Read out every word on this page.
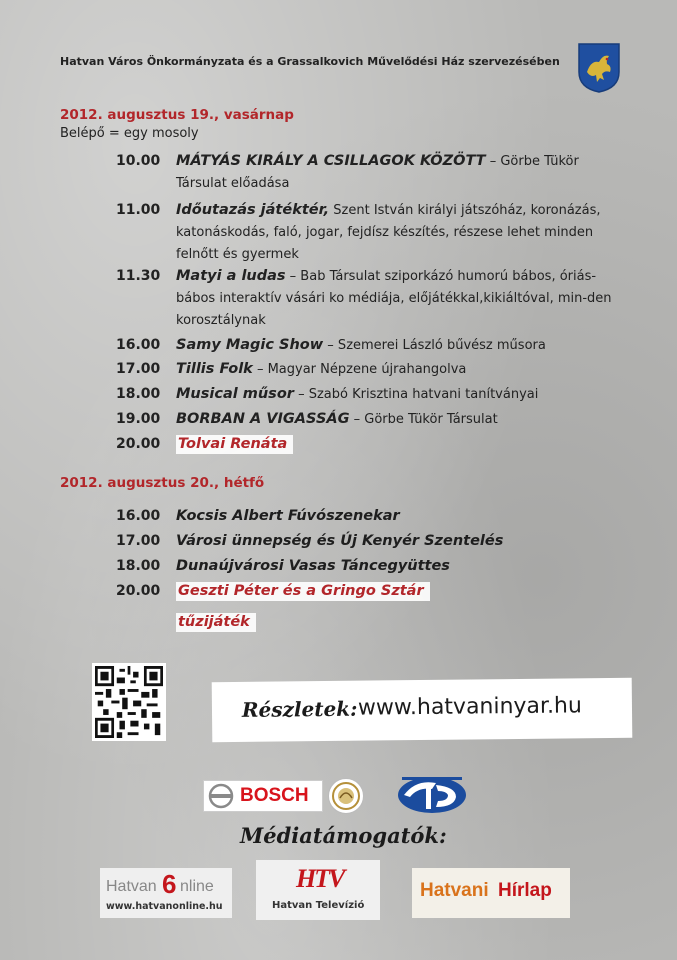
Hatvan Város Önkormányzata és a Grassalkovich Művelődési Ház szervezésében
2012. augusztus 19., vasárnap
Belépő = egy mosoly
10.00	MÁTYÁS KIRÁLY A CSILLAGOK KÖZÖTT – Görbe Tükör Társulat előadása
11.00	Időutazás játéktér, Szent István királyi játszóház, koronázás, katonáskodás, faló, jogar, fejdísz készítés, részese lehet minden felnőtt és gyermek
11.30	Matyi a ludas – Bab Társulat sziporkázó humorú bábos, óriás-bábos interaktív vásári ko médiája, előjátékkal,kikiáltóval, min-den korosztálynak
16.00	Samy Magic Show – Szemerei László bűvész műsora
17.00	Tillis Folk – Magyar Népzene újrahangolva
18.00	Musical műsor – Szabó Krisztina hatvani tanítványai
19.00	BORBAN A VIGASSÁG – Görbe Tükör Társulat
20.00	Tolvai Renáta
2012. augusztus 20., hétfő
16.00	Kocsis Albert Fúvószenekar
17.00	Városi ünnepség és Új Kenyér Szentelés
18.00	Dunaújvárosi Vasas Táncegyüttes
20.00	Geszti Péter és a Gringo Sztár
tűzijáték
Részletek: www.hatvaninyar.hu
BOSCH
Médiatámogatók:
Hatvan 6 nline
www.hatvanonline.hu
HTV
Hatvan Televízió
Hatvani Hírlap
